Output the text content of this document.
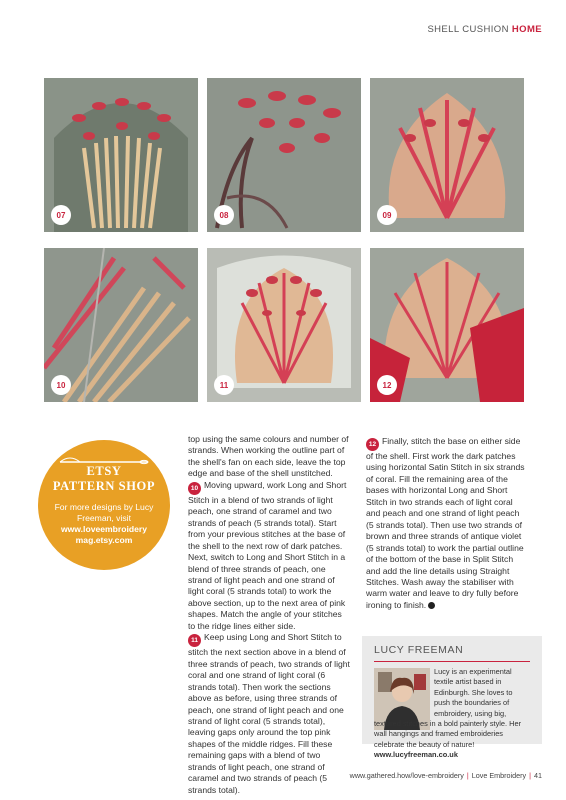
SHELL CUSHION HOME
07	08	09
10	11	12
ETSY
PATTERN SHOP
For more designs by Lucy Freeman, visit www.loveembroidery mag.etsy.com

top using the same colours and number of strands. When working the outline part of the shell's fan on each side, leave the top edge and base of the shell unstitched.

10 Moving upward, work Long and Short Stitch in a blend of two strands of light peach, one strand of caramel and two strands of peach (5 strands total). Start from your previous stitches at the base of the shell to the next row of dark patches. Next, switch to Long and Short Stitch in a blend of three strands of peach, one strand of light peach and one strand of light coral (5 strands total) to work the above section, up to the next area of pink shapes. Match the angle of your stitches to the ridge lines either side.

11 Keep using Long and Short Stitch to stitch the next section above in a blend of three strands of peach, two strands of light coral and one strand of light coral (6 strands total). Then work the sections above as before, using three strands of peach, one strand of light peach and one strand of light coral (5 strands total), leaving gaps only around the top pink shapes of the middle ridges. Fill these remaining gaps with a blend of two strands of light peach, one strand of caramel and two strands of peach (5 strands total).

12 Finally, stitch the base on either side of the shell. First work the dark patches using horizontal Satin Stitch in six strands of coral. Fill the remaining area of the bases with horizontal Long and Short Stitch in two strands each of light coral and peach and one strand of light peach (5 strands total). Then use two strands of brown and three strands of antique violet (5 strands total) to work the partial outline of the bottom of the base in Split Stitch and add the line details using Straight Stitches. Wash away the stabiliser with warm water and leave to dry fully before ironing to finish.

LUCY FREEMAN
Lucy is an experimental
textile artist based in
Edinburgh. She loves to
push the boundaries of
embroidery, using big,
textured stitches in a bold painterly style. Her wall hangings and framed embroideries celebrate the beauty of nature! www.lucyfreeman.co.uk
www.gathered.how/love-embroidery | Love Embroidery | 41
